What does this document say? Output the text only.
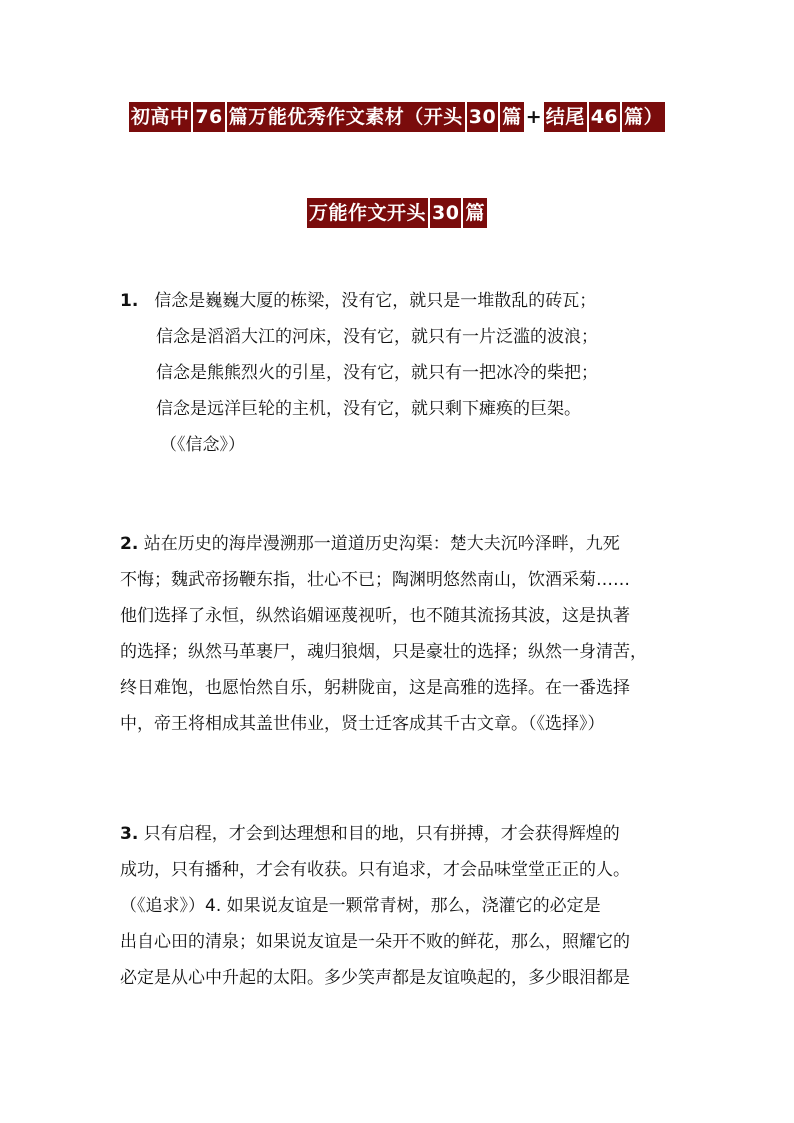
初高中 76 篇万能优秀作文素材（开头 30 篇 + 结尾 46 篇）
万能作文开头 30 篇
1. 信念是巍巍大厦的栋梁，没有它，就只是一堆散乱的砖瓦；
信念是滔滔大江的河床，没有它，就只有一片泛滥的波浪；
信念是熊熊烈火的引星，没有它，就只有一把冰冷的柴把；
信念是远洋巨轮的主机，没有它，就只剩下瘫痪的巨架。
（《信念》）
2. 站在历史的海岸漫溯那一道道历史沟渠：楚大夫沉吟泽畔，九死
不悔；魏武帝扬鞭东指，壮心不已；陶渊明悠然南山，饮酒采菊……
他们选择了永恒，纵然谄媚诬蔑视听，也不随其流扬其波，这是执著
的选择；纵然马革裹尸，魂归狼烟，只是豪壮的选择；纵然一身清苦，
终日难饱，也愿怡然自乐，躬耕陇亩，这是高雅的选择。在一番选择
中，帝王将相成其盖世伟业，贤士迁客成其千古文章。（《选择》）
3. 只有启程，才会到达理想和目的地，只有拼搏，才会获得辉煌的
成功，只有播种，才会有收获。只有追求，才会品味堂堂正正的人。
（《追求》）4. 如果说友谊是一颗常青树，那么，浇灌它的必定是
出自心田的清泉；如果说友谊是一朵开不败的鲜花，那么，照耀它的
必定是从心中升起的太阳。多少笑声都是友谊唤起的，多少眼泪都是
